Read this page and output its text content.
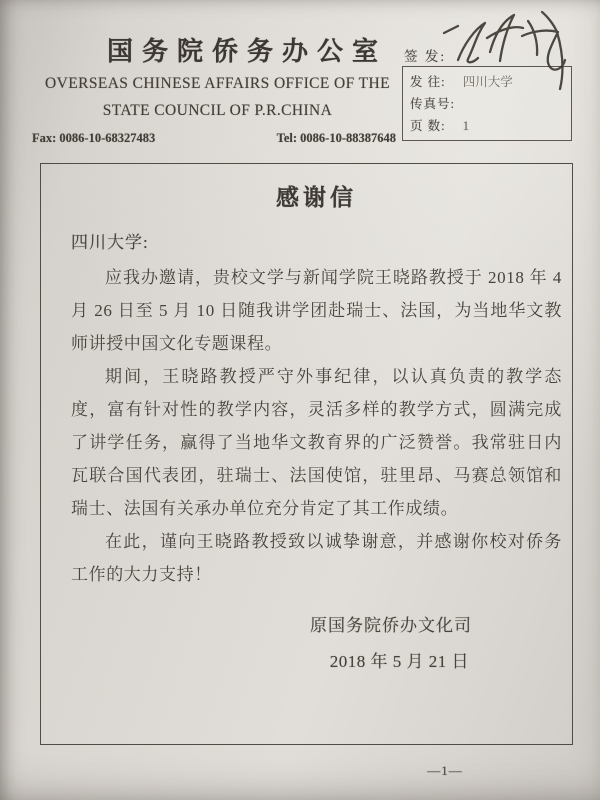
国务院侨务办公室
OVERSEAS CHINESE AFFAIRS OFFICE OF THE
STATE COUNCIL OF P.R.CHINA
Fax: 0086-10-68327483	Tel: 0086-10-88387648
签 发:
发 往: 四川大学
传真号:
页 数: 1
感谢信
四川大学:

应我办邀请，贵校文学与新闻学院王晓路教授于 2018 年 4 月 26 日至 5 月 10 日随我讲学团赴瑞士、法国，为当地华文教师讲授中国文化专题课程。

期间，王晓路教授严守外事纪律，以认真负责的教学态度，富有针对性的教学内容，灵活多样的教学方式，圆满完成了讲学任务，赢得了当地华文教育界的广泛赞誉。我常驻日内瓦联合国代表团，驻瑞士、法国使馆，驻里昂、马赛总领馆和瑞士、法国有关承办单位充分肯定了其工作成绩。

在此，谨向王晓路教授致以诚挚谢意，并感谢你校对侨务工作的大力支持！

原国务院侨办文化司
2018 年 5 月 21 日
—1—
